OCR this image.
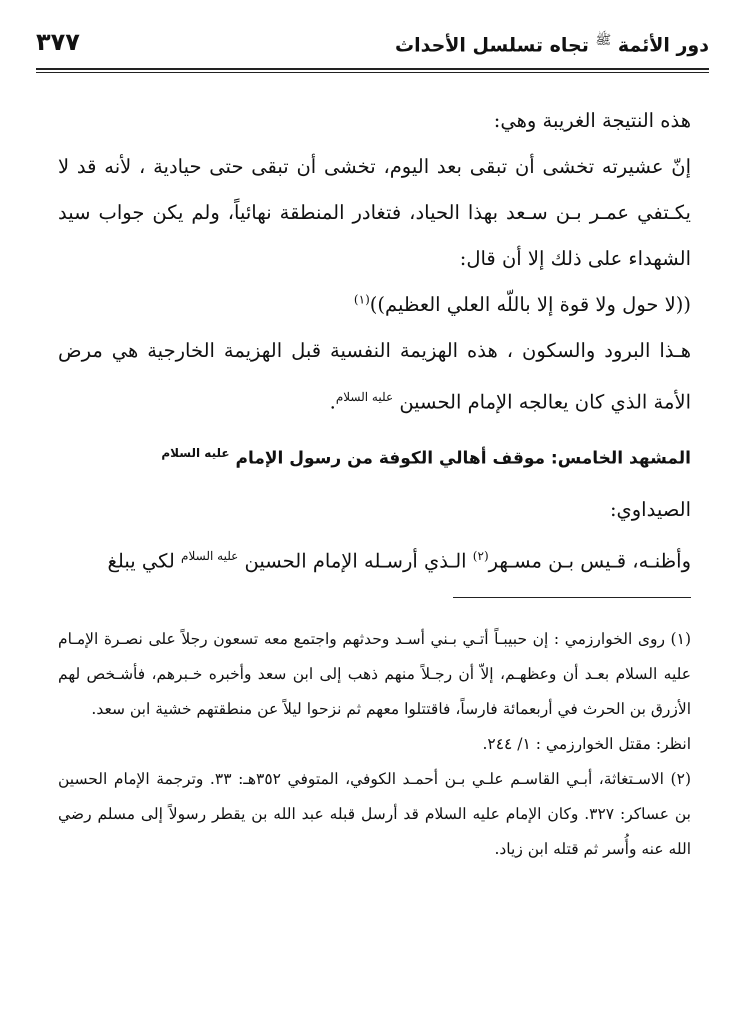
دور الأئمة $^ﷺ$ تجاه تسلسل الأحداث
٣٧٧

هذه النتيجة الغريبة وهي:

إنّ عشيرته تخشى أن تبقى بعد اليوم، تخشى أن تبقى حتى حيادية ، لأنه قد لا يكـتفي عمـر بـن سـعد بهذا الحياد، فتغادر المنطقة نهائياً، ولم يكن جواب سيد الشهداء على ذلك إلا أن قال:

((لا حول ولا قوة إلا باللّه العلي العظيم))$^{(١)}$

هـذا البرود والسكون ، هذه الهزيمة النفسية قبل الهزيمة الخارجية هي مرض الأمة الذي كان يعالجه الإمام الحسين $^{عليه السلام}$.

المشهد الخامس: موقف أهالي الكوفة من رسول الإمام $^{عليه السلام}$

الصيداوي:

وأظنـه، قـيس بـن مسـهر$^{(٢)}$ الـذي أرسـله الإمام الحسين $^{عليه السلام}$ لكي يبلغ

(١) روى الخوارزمي : إن حبيبـاً أتـي بـني أسـد وحدثهم واجتمع معه تسعون رجلاً على نصـرة الإمـام عليه السلام بعـد أن وعظهـم، إلاّ أن رجـلاً منهم ذهب إلى ابن سعد وأخبره خـبرهم، فأشـخص لهم الأزرق بن الحرث في أربعمائة فارساً، فاقتتلوا معهم ثم نزحوا ليلاً عن منطقتهم خشية ابن سعد.

انظر: مقتل الخوارزمي : ١/ ٢٤٤.

(٢) الاسـتغاثة، أبـي القاسـم علـي بـن أحمـد الكوفي، المتوفي ٣٥٢هـ: ٣٣. وترجمة الإمام الحسين بن عساكر: ٣٢٧. وكان الإمام عليه السلام قد أرسل قبله عبد الله بن يقطر رسولاً إلى مسلم رضي الله عنه وأُسر ثم قتله ابن زياد.
